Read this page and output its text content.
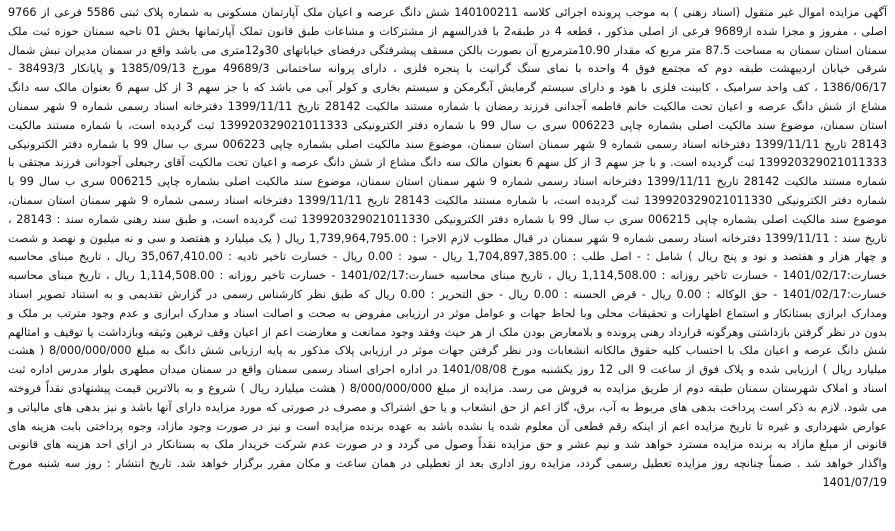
آگهی مزایده اموال غیر منقول (اسناد رهنی ) به موجب پرونده اجرائی کلاسه 140100211 شش دانگ عرصه و اعیان ملک آپارتمان مسکونی به شماره پلاک ثبتی 5586 فرعی از 9766 اصلی ، مفروز و مجزا شده از9689 فرعی از اصلی مذکور ، قطعه 4 در طبقه2 با قدرالسهم از مشترکات و مشاعات طبق قانون تملک آپارتمانها بخش 01 ناحیه سمنان حوزه ثبت ملک سمنان استان سمنان به مساحت 87.5 متر مربع که مقدار 10.90مترمربع آن بصورت بالکن مسقف پیشرفتگی درفضای خیابانهای 30و12متری می باشد واقع در سمنان مدیران نبش شمال شرقی خیابان اردیبهشت طبقه دوم که مجتمع فوق 4 واحده با نمای سنگ گرانیت با پنجره فلزی ، دارای پروانه ساختمانی 49689/3 مورخ 1385/09/13 و پایانکار 38493/3 - 1386/06/17 ، کف واحد سرامیک ، کابینت فلزی با هود و دارای سیستم گرمایش آبگرمکن و سیستم بخاری و کولر آبی می باشد که با جز سهم 3 از کل سهم 6 بعنوان مالک سه دانگ مشاع از شش دانگ عرصه و اعیان تحت مالکیت خانم فاطمه آجدانی فرزند رمضان با شماره مستند مالکیت 28142 تاریخ 1399/11/11 دفترخانه اسناد رسمی شماره 9 شهر سمنان استان سمنان، موضوع سند مالکیت اصلی بشماره چاپی 006223 سری ب سال 99 با شماره دفتر الکترونیکی 139920329021011333 ثبت گردیده است، با شماره مستند مالکیت 28143 تاریخ 1399/11/11 دفترخانه اسناد رسمی شماره 9 شهر سمنان استان سمنان، موضوع سند مالکیت اصلی بشماره چاپی 006223 سری ب سال 99 با شماره دفتر الکترونیکی 139920329021011333 ثبت گردیده است. و با جز سهم 3 از کل سهم 6 بعنوان مالک سه دانگ مشاع از شش دانگ عرصه و اعیان تحت مالکیت آقای رجبعلی آجودانی فرزند مجتقی با شماره مستند مالکیت 28142 تاریخ 1399/11/11 دفترخانه اسناد رسمی شماره 9 شهر سمنان استان سمنان، موضوع سند مالکیت اصلی بشماره چاپی 006215 سری ب سال 99 با شماره دفتر الکترونیکی 139920329021011330 ثبت گردیده است، با شماره مستند مالکیت 28143 تاریخ 1399/11/11 دفترخانه اسناد رسمی شماره 9 شهر سمنان استان سمنان، موضوع سند مالکیت اصلی بشماره چاپی 006215 سری ب سال 99 با شماره دفتر الکترونیکی 139920329021011330 ثبت گردیده است، و طبق سند رهنی شماره سند : 28143 ، تاریخ سند : 1399/11/11 دفترخانه اسناد رسمی شماره 9 شهر سمنان در قبال مطلوب لازم الاجرا : 1,739,964,795.00 ریال ( یک میلیارد و هفتصد و سی و نه میلیون و نهصد و شصت و چهار هزار و هفتصد و نود و پنج ریال ) شامل : - اصل طلب : 1,704,897,385.00 ریال - سود : 0.00 ریال - خسارت تاخیر تادیه : 35,067,410.00 ریال ، تاریخ مبنای محاسبه خسارت:1401/02/17 - خسارت تاخیر روزانه : 1,114,508.00 ریال ، تاریخ مبنای محاسبه خسارت:1401/02/17 - خسارت تاخیر روزانه : 1,114,508.00 ریال ، تاریخ مبنای محاسبه خسارت:1401/02/17 - حق الوکاله : 0.00 ریال - قرض الحسنه : 0.00 ریال - حق التحریر : 0.00 ریال که طبق نظر کارشناس رسمی در گزارش تقدیمی و به استناد تصویر اسناد ومدارک ابرازی بستانکار و استماع اظهارات و تحقیقات محلی وبا لحاظ جهات و عوامل موثر در ارزیابی مفروض به صحت و اصالت اسناد و مدارک ابرازی و عدم وجود مترتب بر ملک و بدون در نظر گرفتن بازداشتی وهرگونه قرارداد رهنی پرونده و بلامعارض بودن ملک از هر حیث وفقد وجود ممانعت و معارضت اعم از اعیان وقف ترهین وثیقه وبازداشت یا توقیف و امثالهم شش دانگ عرصه و اعیان ملک با احتساب کلیه حقوق مالکانه انشعابات ودر نظر گرفتن جهات موثر در ارزیابی پلاک مذکور به پایه ارزیابی شش دانگ به مبلغ 8/000/000/000 ( هشت میلیارد ریال ) ارزیابی شده و پلاک فوق از ساعت 9 الی 12 روز یکشنبه مورخ 1401/08/08 در اداره اجرای اسناد رسمی سمنان واقع در سمنان میدان مطهری بلوار مدرس اداره ثبت اسناد و املاک شهرستان سمنان طبقه دوم از طریق مزایده به فروش می رسد. مزایده از مبلغ 8/000/000/000 ( هشت میلیارد ریال ) شروع و به بالاترین قیمت پیشنهادی نقداً فروخته می شود. لازم به ذکر است پرداخت بدهی های مربوط به آب، برق، گاز اعم از حق انشعاب و یا حق اشتراک و مصرف در صورتی که مورد مزایده دارای آنها باشد و نیز بدهی های مالیاتی و عوارض شهرداری و غیره تا تاریخ مزایده اعم از اینکه رقم قطعی آن معلوم شده یا نشده باشد به عهده برنده مزایده است و نیز در صورت وجود مازاد، وجوه پرداختی بابت هزینه های قانونی از مبلغ مازاد به برنده مزایده مسترد خواهد شد و نیم عشر و حق مزایده نقداً وصول می گردد و در صورت عدم شرکت خریدار ملک به بستانکار در ازای احد هزینه های قانونی واگذار خواهد شد . ضمناً چنانچه روز مزایده تعطیل رسمی گردد، مزایده روز اداری بعد از تعطیلی در همان ساعت و مکان مقرر برگزار خواهد شد. تاریخ انتشار : روز سه شنبه مورخ 1401/07/19
